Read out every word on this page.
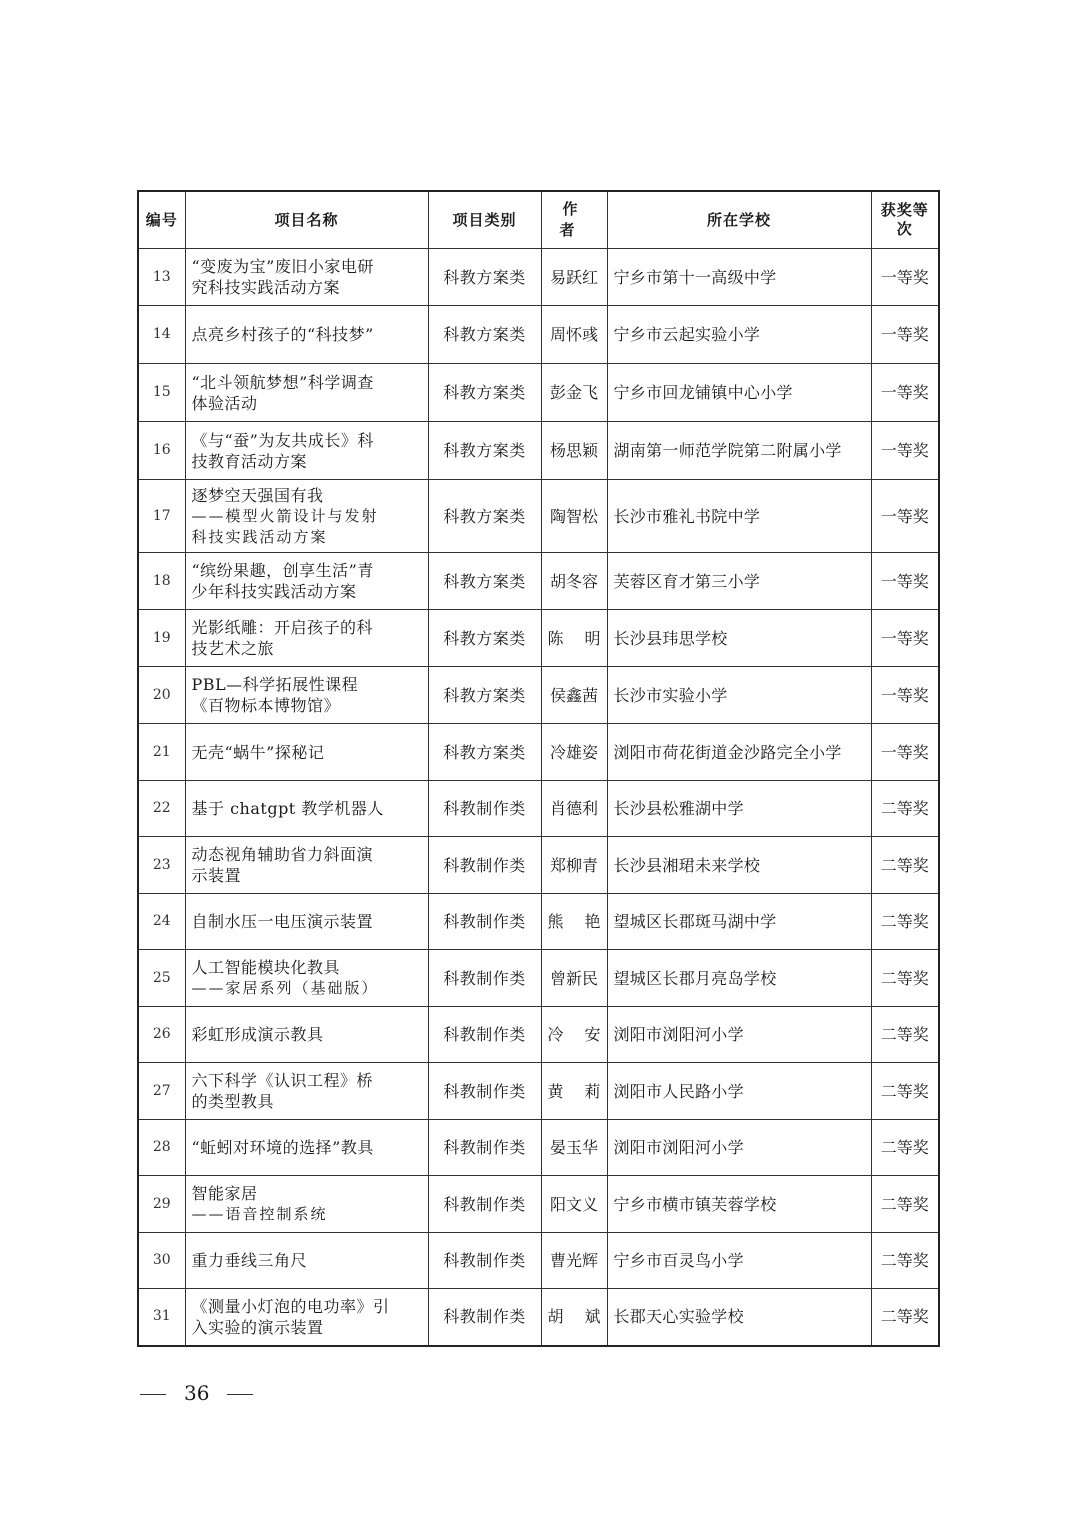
编号	项目名称	项目类别	作 者	所在学校	获奖等次
13	“变废为宝”废旧小家电研
究科技实践活动方案	科教方案类	易跃红	宁乡市第十一高级中学	一等奖
14	点亮乡村孩子的“科技梦”	科教方案类	周怀彧	宁乡市云起实验小学	一等奖
15	“北斗领航梦想”科学调查
体验活动	科教方案类	彭金飞	宁乡市回龙铺镇中心小学	一等奖
16	《与“蚕”为友共成长》科
技教育活动方案	科教方案类	杨思颖	湖南第一师范学院第二附属小学	一等奖
17	逐梦空天强国有我
——模型火箭设计与发射
科技实践活动方案	科教方案类	陶智松	长沙市雅礼书院中学	一等奖
18	“缤纷果趣，创享生活”青
少年科技实践活动方案	科教方案类	胡冬容	芙蓉区育才第三小学	一等奖
19	光影纸雕：开启孩子的科
技艺术之旅	科教方案类	陈明	长沙县玮思学校	一等奖
20	PBL—科学拓展性课程
《百物标本博物馆》	科教方案类	侯鑫茜	长沙市实验小学	一等奖
21	无壳“蜗牛”探秘记	科教方案类	冷雄姿	浏阳市荷花街道金沙路完全小学	一等奖
22	基于 chatgpt 教学机器人	科教制作类	肖德利	长沙县松雅湖中学	二等奖
23	动态视角辅助省力斜面演
示装置	科教制作类	郑柳青	长沙县湘珺未来学校	二等奖
24	自制水压一电压演示装置	科教制作类	熊艳	望城区长郡斑马湖中学	二等奖
25	人工智能模块化教具
——家居系列（基础版）	科教制作类	曾新民	望城区长郡月亮岛学校	二等奖
26	彩虹形成演示教具	科教制作类	冷安	浏阳市浏阳河小学	二等奖
27	六下科学《认识工程》桥
的类型教具	科教制作类	黄莉	浏阳市人民路小学	二等奖
28	“蚯蚓对环境的选择”教具	科教制作类	晏玉华	浏阳市浏阳河小学	二等奖
29	智能家居
——语音控制系统	科教制作类	阳文义	宁乡市横市镇芙蓉学校	二等奖
30	重力垂线三角尺	科教制作类	曹光辉	宁乡市百灵鸟小学	二等奖
31	《测量小灯泡的电功率》引
入实验的演示装置	科教制作类	胡斌	长郡天心实验学校	二等奖
36
